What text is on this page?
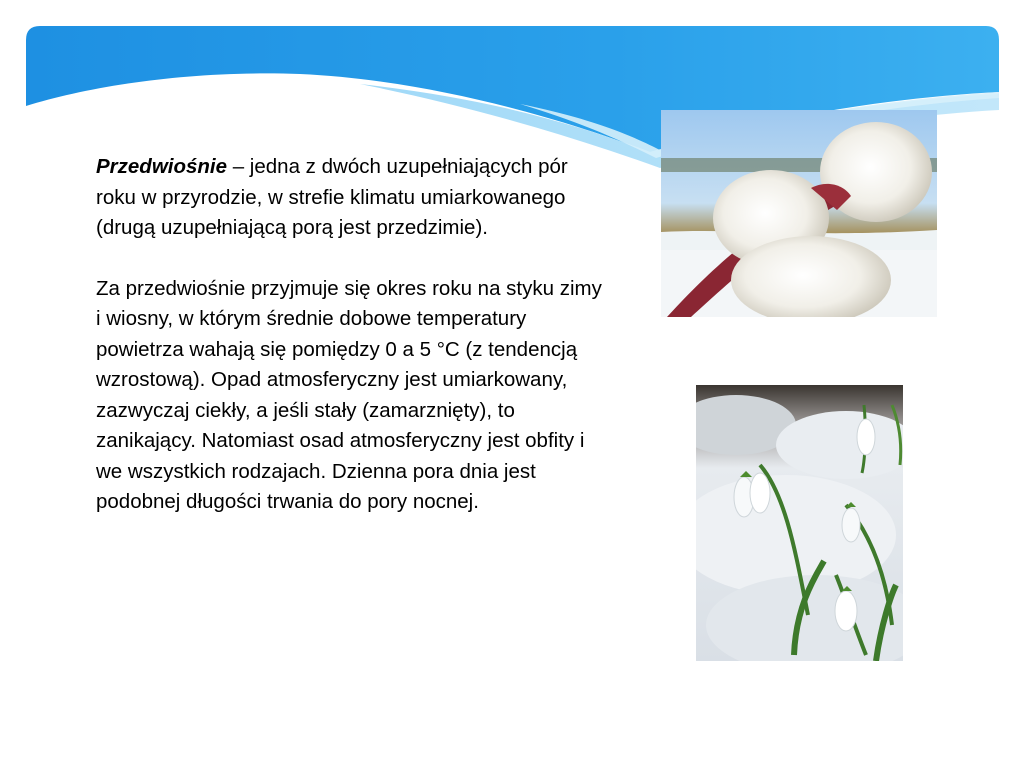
Przedwiośnie – jedna z dwóch uzupełniających pór roku w przyrodzie, w strefie klimatu umiarkowanego (drugą uzupełniającą porą jest przedzimie).

Za przedwiośnie przyjmuje się okres roku na styku zimy i wiosny, w którym średnie dobowe temperatury powietrza wahają się pomiędzy 0 a 5 °C (z tendencją wzrostową). Opad atmosferyczny jest umiarkowany, zazwyczaj ciekły, a jeśli stały (zamarznięty), to zanikający. Natomiast osad atmosferyczny jest obfity i we wszystkich rodzajach. Dzienna pora dnia jest podobnej długości trwania do pory nocnej.
